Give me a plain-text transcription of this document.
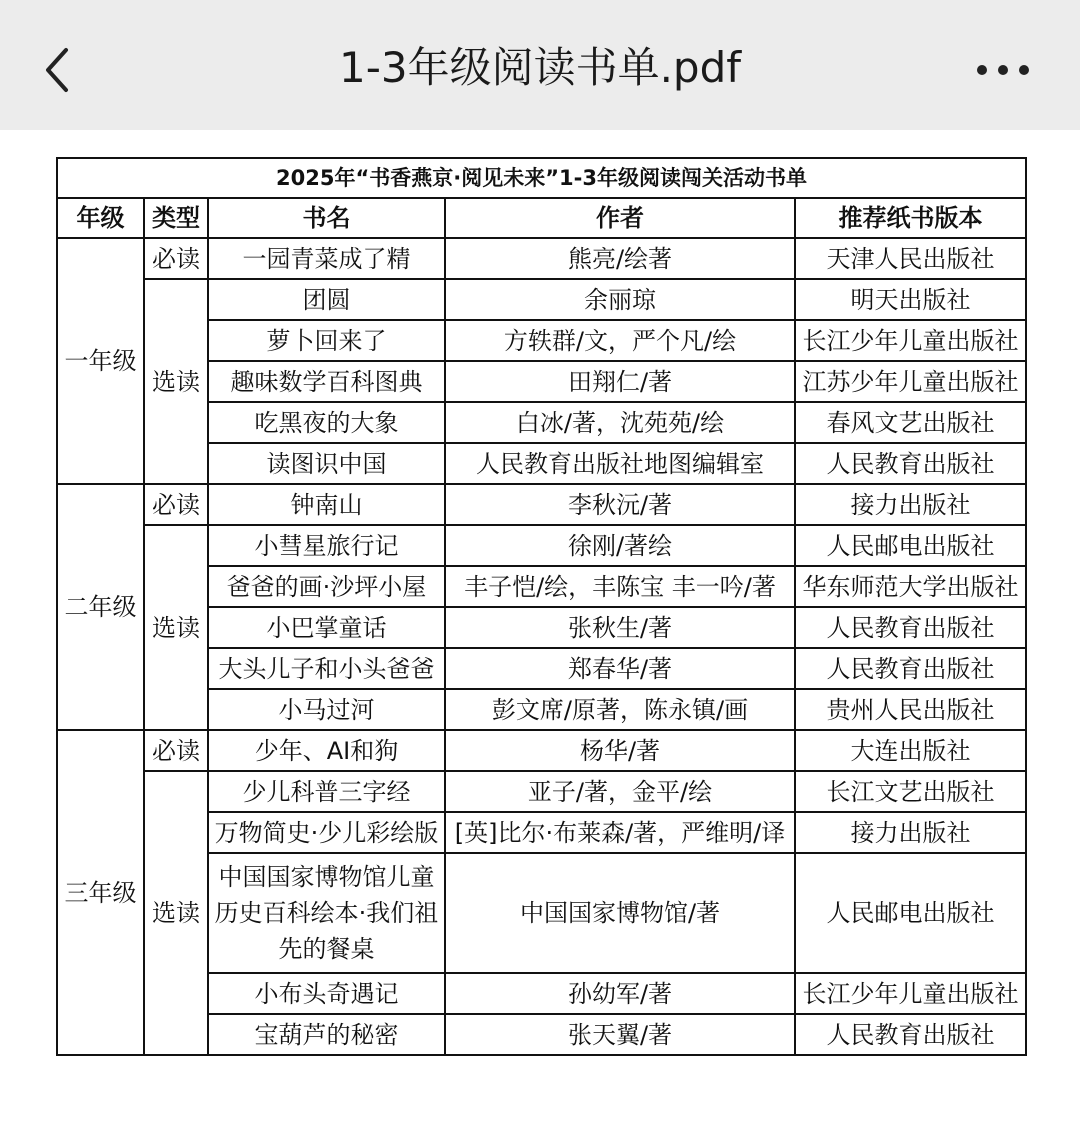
1-3年级阅读书单.pdf
2025年“书香燕京·阅见未来”1-3年级阅读闯关活动书单				
年级	类型	书名	作者	推荐纸书版本
一年级	必读	一园青菜成了精	熊亮/绘著	天津人民出版社
	选读	团圆	余丽琼	明天出版社
		萝卜回来了	方轶群/文，严个凡/绘	长江少年儿童出版社
		趣味数学百科图典	田翔仁/著	江苏少年儿童出版社
		吃黑夜的大象	白冰/著，沈苑苑/绘	春风文艺出版社
		读图识中国	人民教育出版社地图编辑室	人民教育出版社
二年级	必读	钟南山	李秋沅/著	接力出版社
	选读	小彗星旅行记	徐刚/著绘	人民邮电出版社
		爸爸的画·沙坪小屋	丰子恺/绘，丰陈宝 丰一吟/著	华东师范大学出版社
		小巴掌童话	张秋生/著	人民教育出版社
		大头儿子和小头爸爸	郑春华/著	人民教育出版社
		小马过河	彭文席/原著，陈永镇/画	贵州人民出版社
三年级	必读	少年、AI和狗	杨华/著	大连出版社
	选读	少儿科普三字经	亚子/著，金平/绘	长江文艺出版社
		万物简史·少儿彩绘版	[英]比尔·布莱森/著，严维明/译	接力出版社
		中国国家博物馆儿童历史百科绘本·我们祖先的餐桌	中国国家博物馆/著	人民邮电出版社
		小布头奇遇记	孙幼军/著	长江少年儿童出版社
		宝葫芦的秘密	张天翼/著	人民教育出版社
